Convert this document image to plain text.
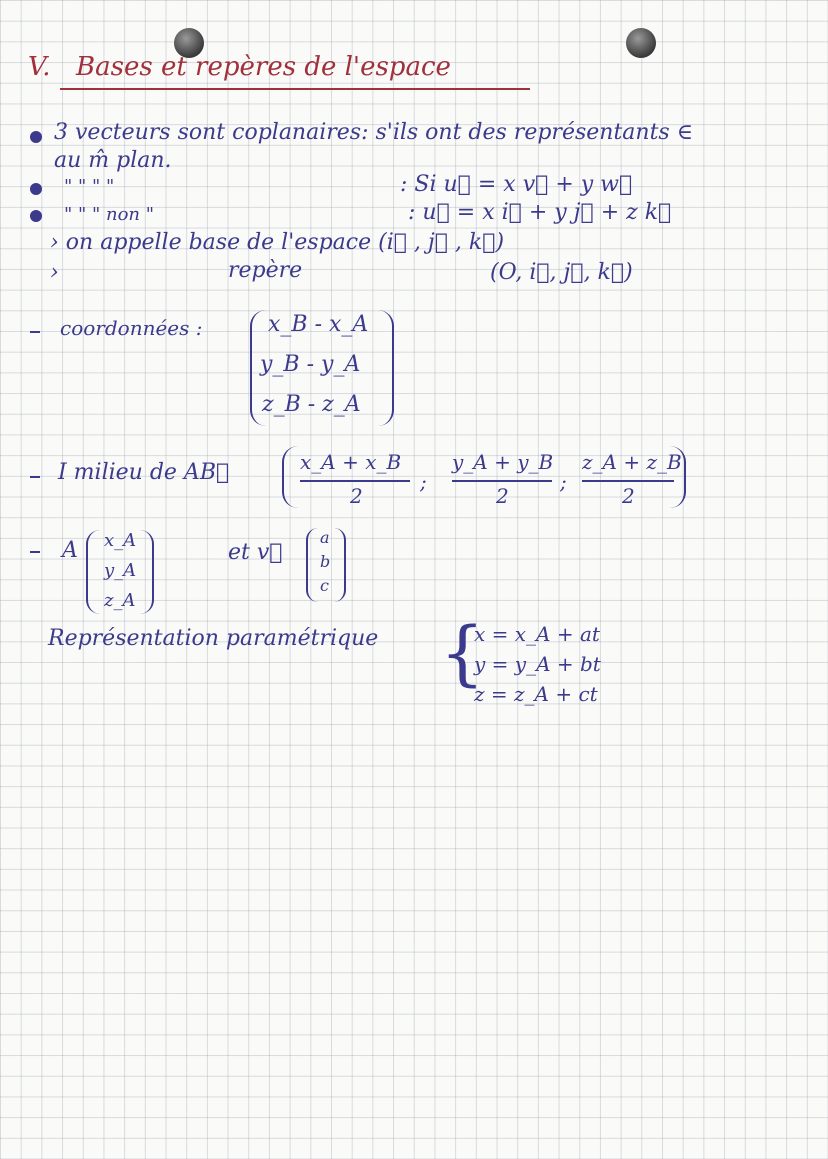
V. Bases et repères de l'espace
3 vecteurs sont coplanaires: s'ils ont des représentants ∈
au m̂ plan.
" " " "	: Si u⃗ = x v⃗ + y w⃗
" " " non "	: u⃗ = x i⃗ + y j⃗ + z k⃗
› on appelle base de l'espace (i⃗ , j⃗ , k⃗)
›	repère	(O, i⃗, j⃗, k⃗)
coordonnées :	x_B - x_A
y_B - y_A
z_B - z_A
I milieu de AB⃗	x_A + x_B
2
;
y_A + y_B
2
;
z_A + z_B
2
A x_A
y_A
z_A
et v⃗
a
b
c
Représentation paramétrique {
x = x_A + at
y = y_A + bt
z = z_A + ct
